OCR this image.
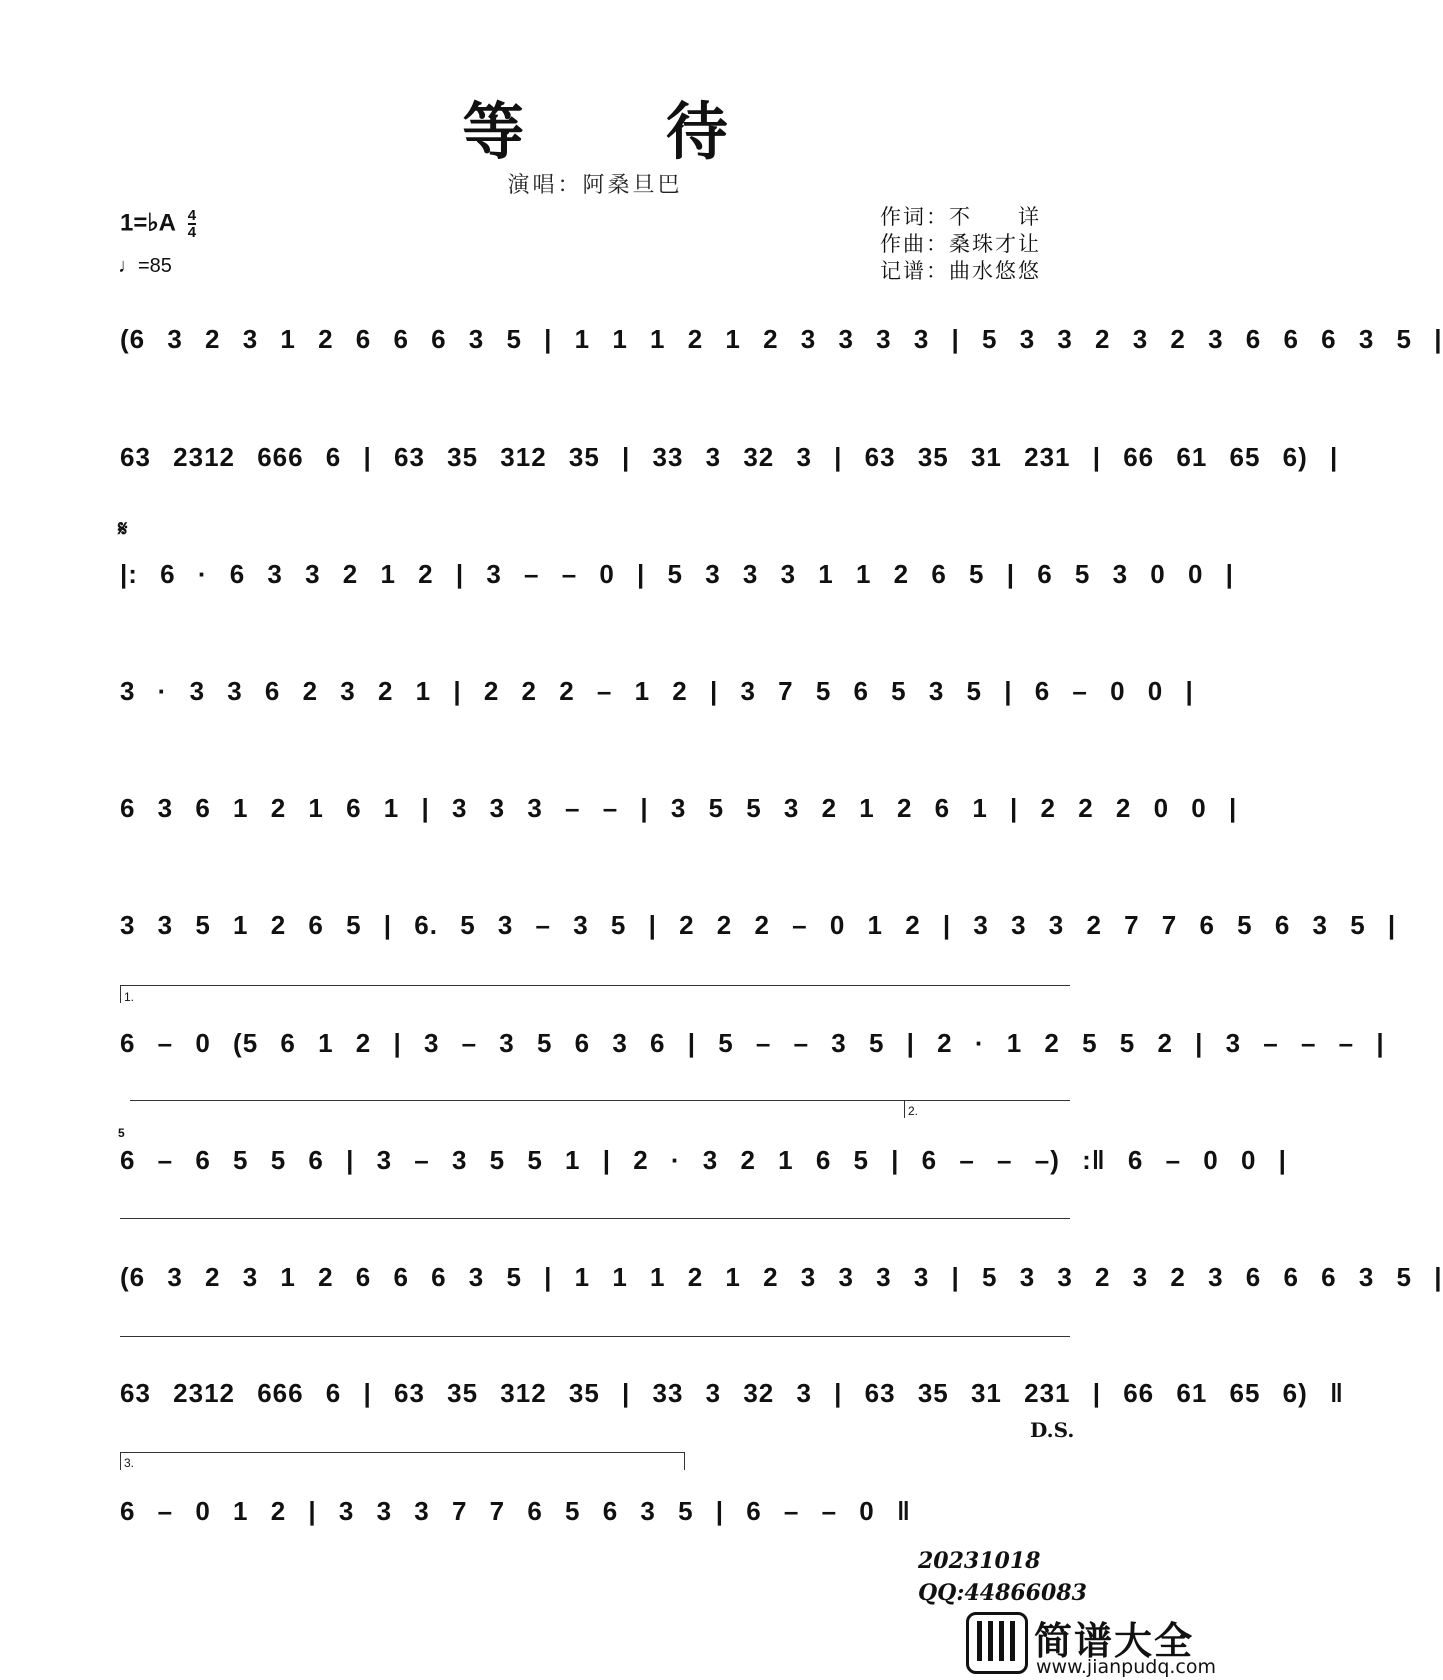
等 待
演唱：阿桑旦巴
1=♭A $\frac{4}{4}$
♩=85
作词：不　　详
作曲：桑珠才让
记谱：曲水悠悠
𝄋
(6 3 2 3 1 2 6 6 6 3 5 | 1 1 1 2 1 2 3 3 3 3 | 5 3 3 2 3 2 3 6 6 6 3 5 |
63 2312 666 6 | 63 35 312 35 | 33 3 32 3 | 63 35 31 231 | 66 61 65 6) |
|: 6 · 6 3 3 2 1 2 | 3 – – 0 | 5 3 3 3 1 1 2 6 5 | 6 5 3 0 0 |
3 · 3 3 6 2 3 2 1 | 2 2 2 – 1 2 | 3 7 5 6 5 3 5 | 6 – 0 0 |
6 3 6 1 2 1 6 1 | 3 3 3 – – | 3 5 5 3 2 1 2 6 1 | 2 2 2 0 0 |
3 3 5 1 2 6 5 | 6. 5 3 – 3 5 | 2 2 2 – 0 1 2 | 3 3 3 2 7 7 6 5 6 3 5 |
1.
6 – 0 (5 6 1 2 | 3 – 3 5 6 3 6 | 5 – – 3 5 | 2 · 1 2 5 5 2 | 3 – – – |
2.
5
6 – 6 5 5 6 | 3 – 3 5 5 1 | 2 · 3 2 1 6 5 | 6 – – –) :‖ 6 – 0 0 |
(6 3 2 3 1 2 6 6 6 3 5 | 1 1 1 2 1 2 3 3 3 3 | 5 3 3 2 3 2 3 6 6 6 3 5 |
63 2312 666 6 | 63 35 312 35 | 33 3 32 3 | 63 35 31 231 | 66 61 65 6) ‖
D.S.
3.
6 – 0 1 2 | 3 3 3 7 7 6 5 6 3 5 | 6 – – 0 ‖
20231018
QQ:44866083
简谱大全
www.jianpudq.com
